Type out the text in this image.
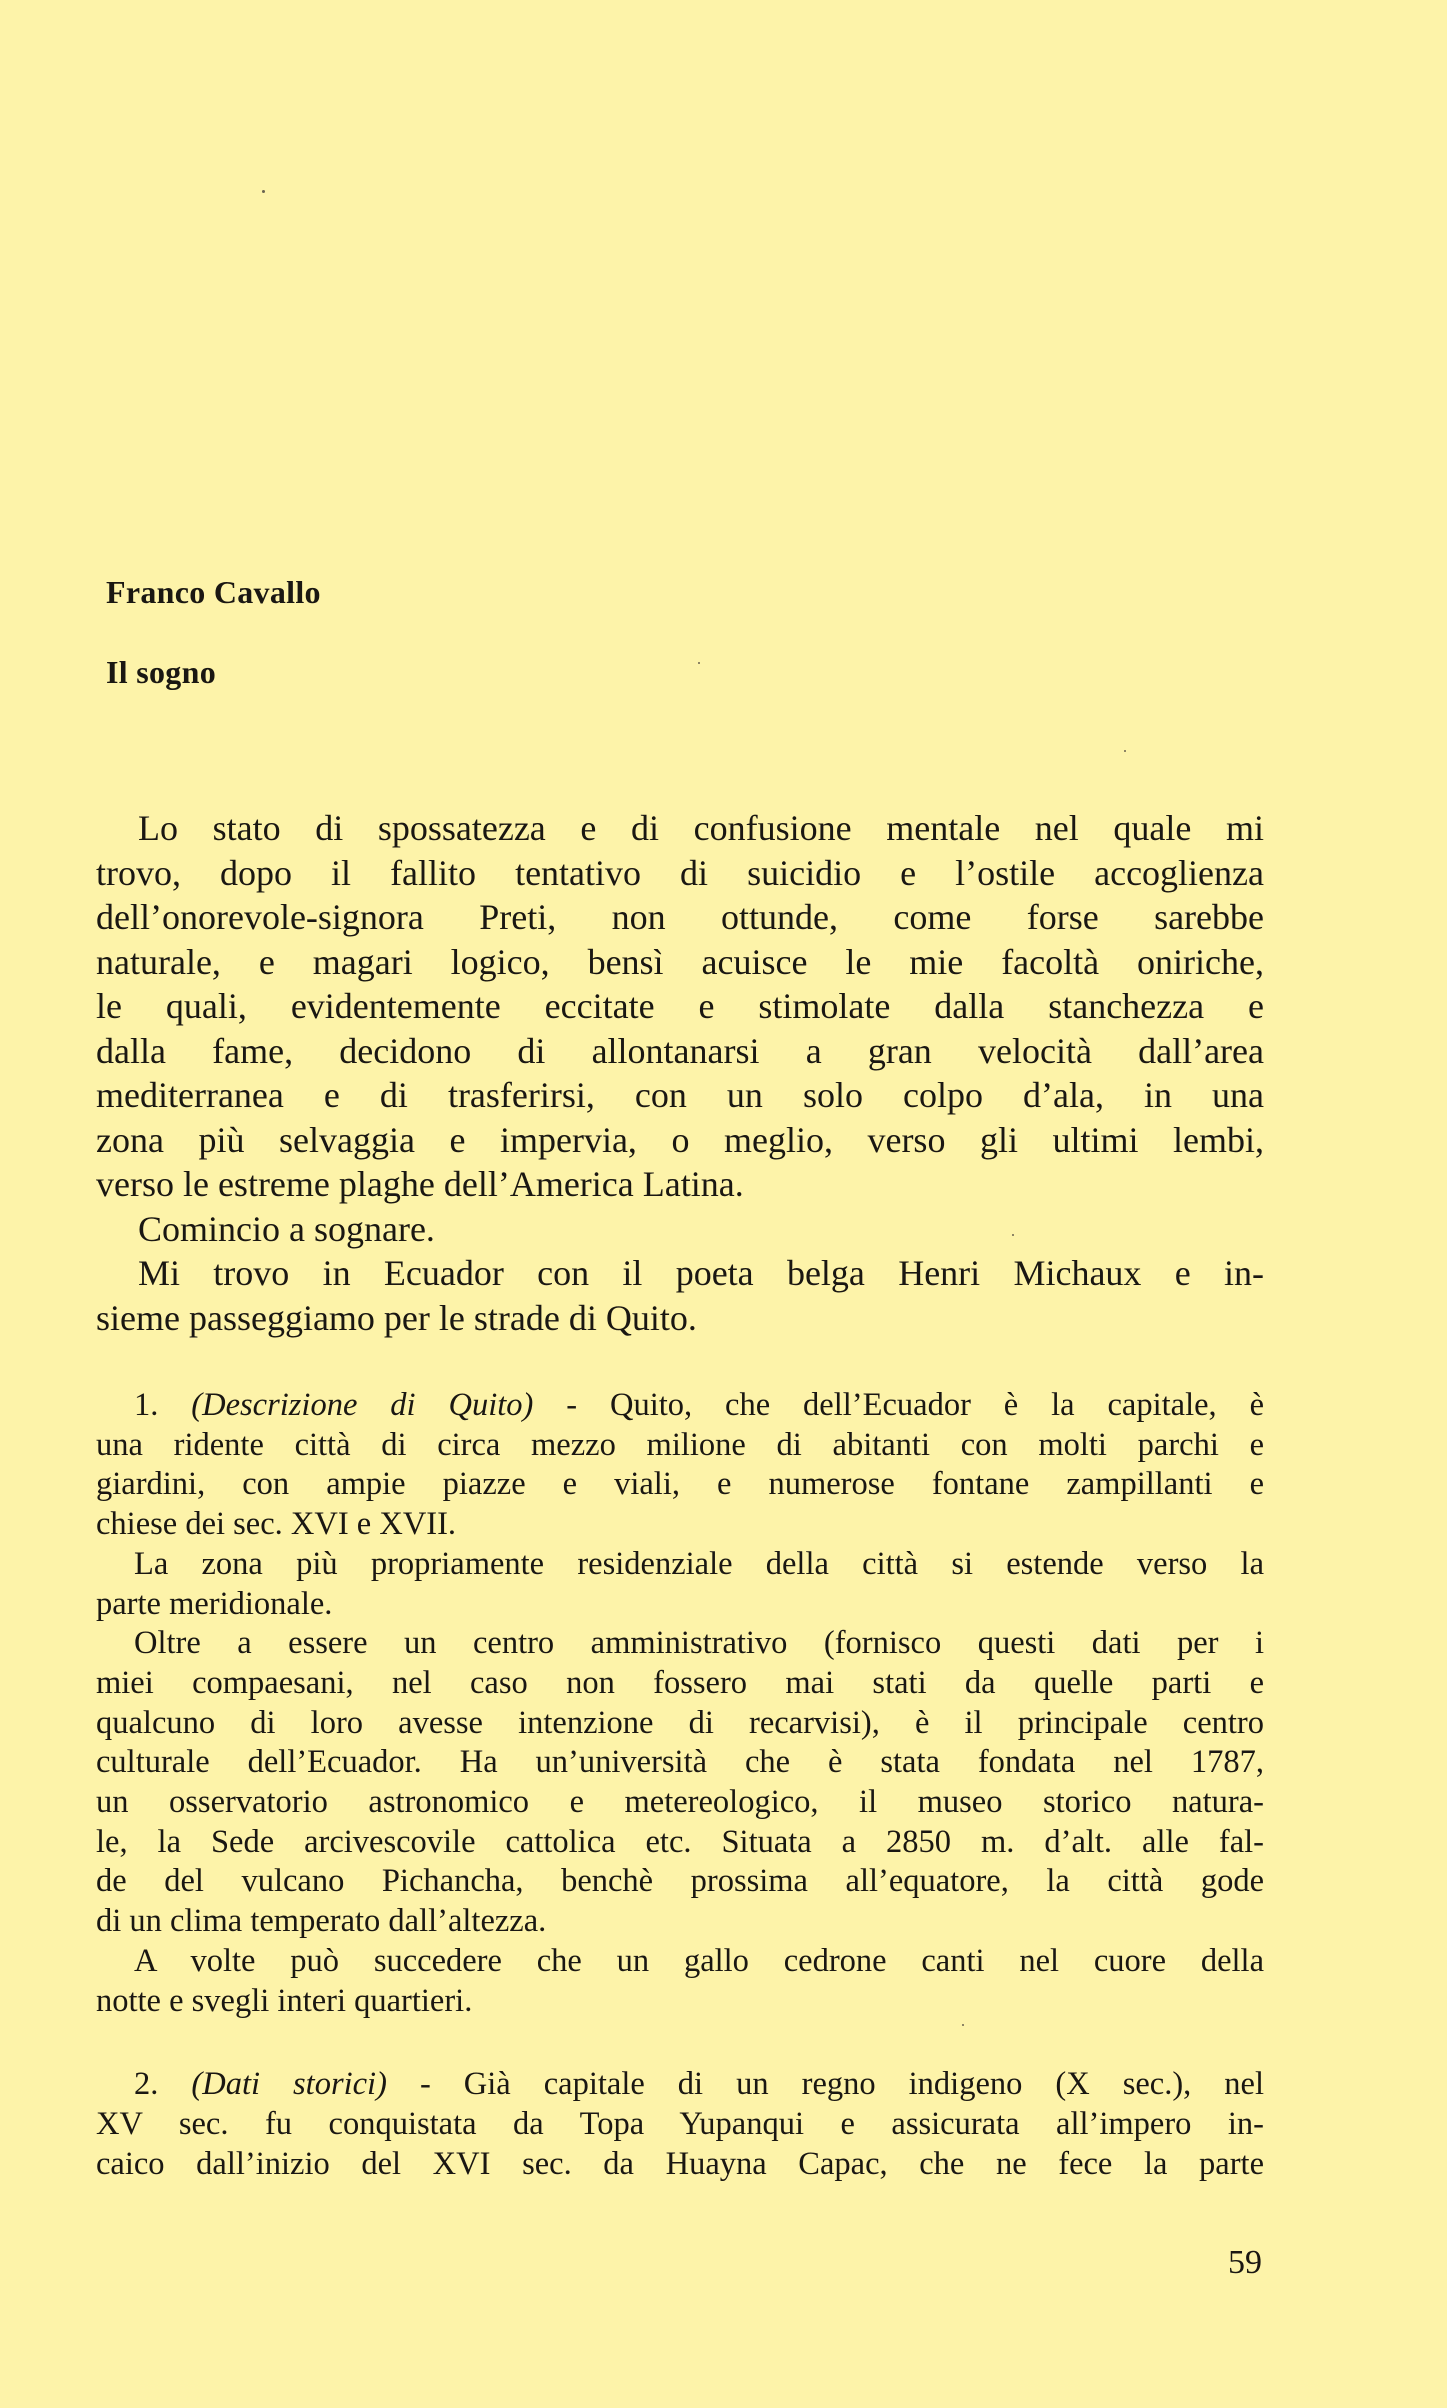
Franco Cavallo

Il sogno

Lo stato di spossatezza e di confusione mentale nel quale mi
trovo, dopo il fallito tentativo di suicidio e l’ostile accoglienza
dell’onorevole-signora Preti, non ottunde, come forse sarebbe
naturale, e magari logico, bensì acuisce le mie facoltà oniriche,
le quali, evidentemente eccitate e stimolate dalla stanchezza e
dalla fame, decidono di allontanarsi a gran velocità dall’area
mediterranea e di trasferirsi, con un solo colpo d’ala, in una
zona più selvaggia e impervia, o meglio, verso gli ultimi lembi,
verso le estreme plaghe dell’America Latina.
Comincio a sognare.
Mi trovo in Ecuador con il poeta belga Henri Michaux e in-
sieme passeggiamo per le strade di Quito.
1. (Descrizione di Quito) - Quito, che dell’Ecuador è la capitale, è
una ridente città di circa mezzo milione di abitanti con molti parchi e
giardini, con ampie piazze e viali, e numerose fontane zampillanti e
chiese dei sec. XVI e XVII.
La zona più propriamente residenziale della città si estende verso la
parte meridionale.
Oltre a essere un centro amministrativo (fornisco questi dati per i
miei compaesani, nel caso non fossero mai stati da quelle parti e
qualcuno di loro avesse intenzione di recarvisi), è il principale centro
culturale dell’Ecuador. Ha un’università che è stata fondata nel 1787,
un osservatorio astronomico e metereologico, il museo storico natura-
le, la Sede arcivescovile cattolica etc. Situata a 2850 m. d’alt. alle fal-
de del vulcano Pichancha, benchè prossima all’equatore, la città gode
di un clima temperato dall’altezza.
A volte può succedere che un gallo cedrone canti nel cuore della
notte e svegli interi quartieri.
2. (Dati storici) - Già capitale di un regno indigeno (X sec.), nel
XV sec. fu conquistata da Topa Yupanqui e assicurata all’impero in-
caico dall’inizio del XVI sec. da Huayna Capac, che ne fece la parte

59
